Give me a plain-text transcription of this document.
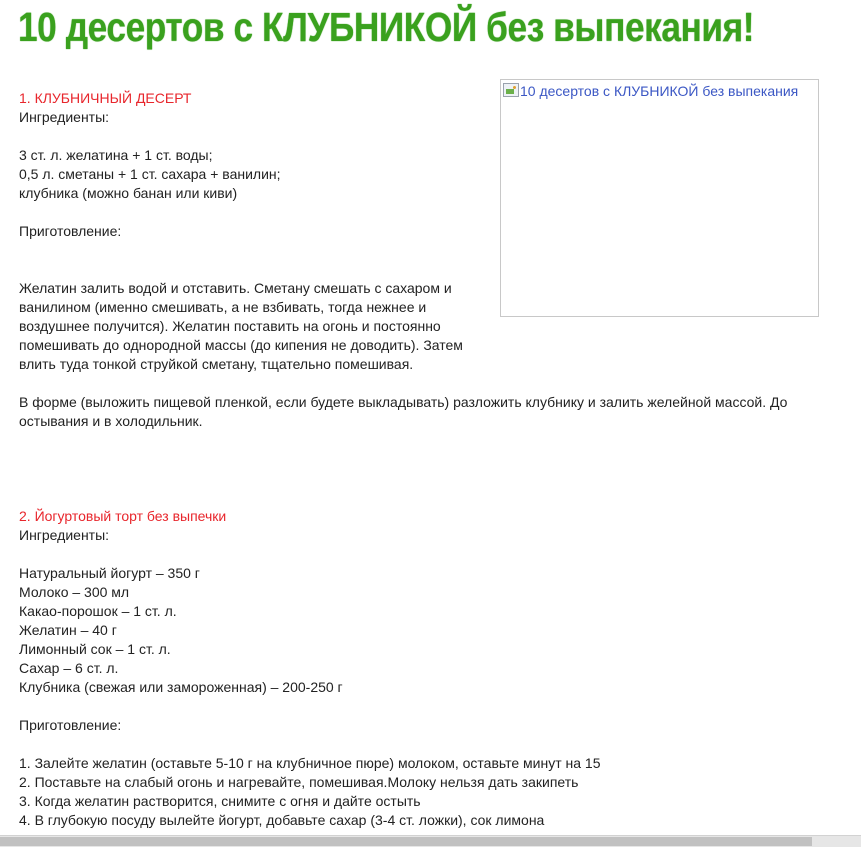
10 десертов с КЛУБНИКОЙ без выпекания!
10 десертов с КЛУБНИКОЙ без выпекания
1. КЛУБНИЧНЫЙ ДЕСЕРТ
Ингредиенты:
3 ст. л. желатина + 1 ст. воды;
0,5 л. сметаны + 1 ст. сахара + ванилин;
клубника (можно банан или киви)
Приготовление:
Желатин залить водой и отставить. Сметану смешать с сахаром и
ванилином (именно смешивать, а не взбивать, тогда нежнее и
воздушнее получится). Желатин поставить на огонь и постоянно
помешивать до однородной массы (до кипения не доводить). Затем
влить туда тонкой струйкой сметану, тщательно помешивая.
В форме (выложить пищевой пленкой, если будете выкладывать) разложить клубнику и залить желейной массой. До
остывания и в холодильник.
2. Йогуртовый торт без выпечки
Ингредиенты:
Натуральный йогурт – 350 г
Молоко – 300 мл
Какао-порошок – 1 ст. л.
Желатин – 40 г
Лимонный сок – 1 ст. л.
Сахар – 6 ст. л.
Клубника (свежая или замороженная) – 200-250 г
Приготовление:
1. Залейте желатин (оставьте 5-10 г на клубничное пюре) молоком, оставьте минут на 15
2. Поставьте на слабый огонь и нагревайте, помешивая.Молоку нельзя дать закипеть
3. Когда желатин растворится, снимите с огня и дайте остыть
4. В глубокую посуду вылейте йогурт, добавьте сахар (3-4 ст. ложки), сок лимона
